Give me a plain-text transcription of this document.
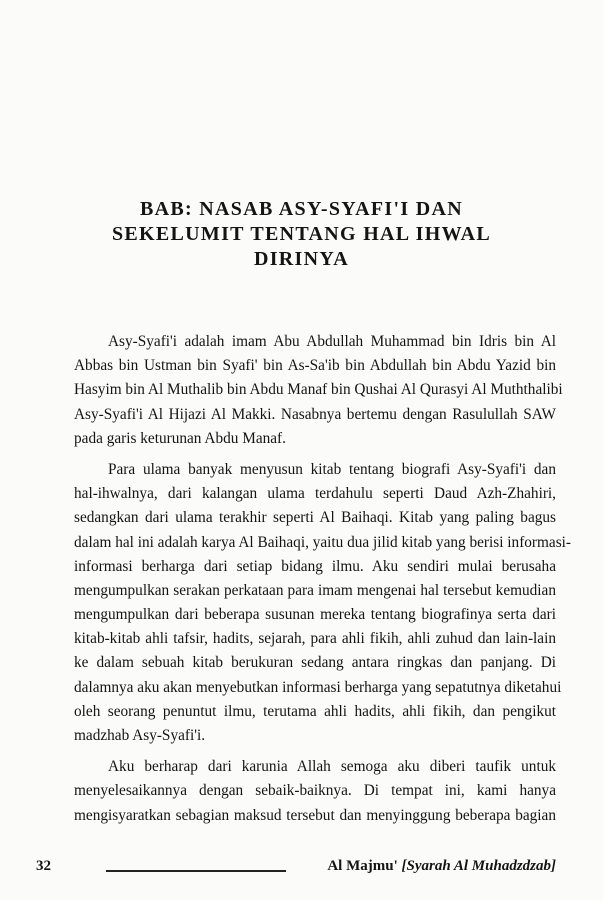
BAB: NASAB ASY-SYAFI'I DAN
SEKELUMIT TENTANG HAL IHWAL
DIRINYA
Asy-Syafi'i adalah imam Abu Abdullah Muhammad bin Idris bin Al
Abbas bin Ustman bin Syafi' bin As-Sa'ib bin Abdullah bin Abdu Yazid bin
Hasyim bin Al Muthalib bin Abdu Manaf bin Qushai Al Qurasyi Al Muththalibi
Asy-Syafi'i Al Hijazi Al Makki. Nasabnya bertemu dengan Rasulullah SAW
pada garis keturunan Abdu Manaf.
Para ulama banyak menyusun kitab tentang biografi Asy-Syafi'i dan
hal-ihwalnya, dari kalangan ulama terdahulu seperti Daud Azh-Zhahiri,
sedangkan dari ulama terakhir seperti Al Baihaqi. Kitab yang paling bagus
dalam hal ini adalah karya Al Baihaqi, yaitu dua jilid kitab yang berisi informasi-
informasi berharga dari setiap bidang ilmu. Aku sendiri mulai berusaha
mengumpulkan serakan perkataan para imam mengenai hal tersebut kemudian
mengumpulkan dari beberapa susunan mereka tentang biografinya serta dari
kitab-kitab ahli tafsir, hadits, sejarah, para ahli fikih, ahli zuhud dan lain-lain
ke dalam sebuah kitab berukuran sedang antara ringkas dan panjang. Di
dalamnya aku akan menyebutkan informasi berharga yang sepatutnya diketahui
oleh seorang penuntut ilmu, terutama ahli hadits, ahli fikih, dan pengikut
madzhab Asy-Syafi'i.
Aku berharap dari karunia Allah semoga aku diberi taufik untuk
menyelesaikannya dengan sebaik-baiknya. Di tempat ini, kami hanya
mengisyaratkan sebagian maksud tersebut dan menyinggung beberapa bagian
32	Al Majmu' [Syarah Al Muhadzdzab]
